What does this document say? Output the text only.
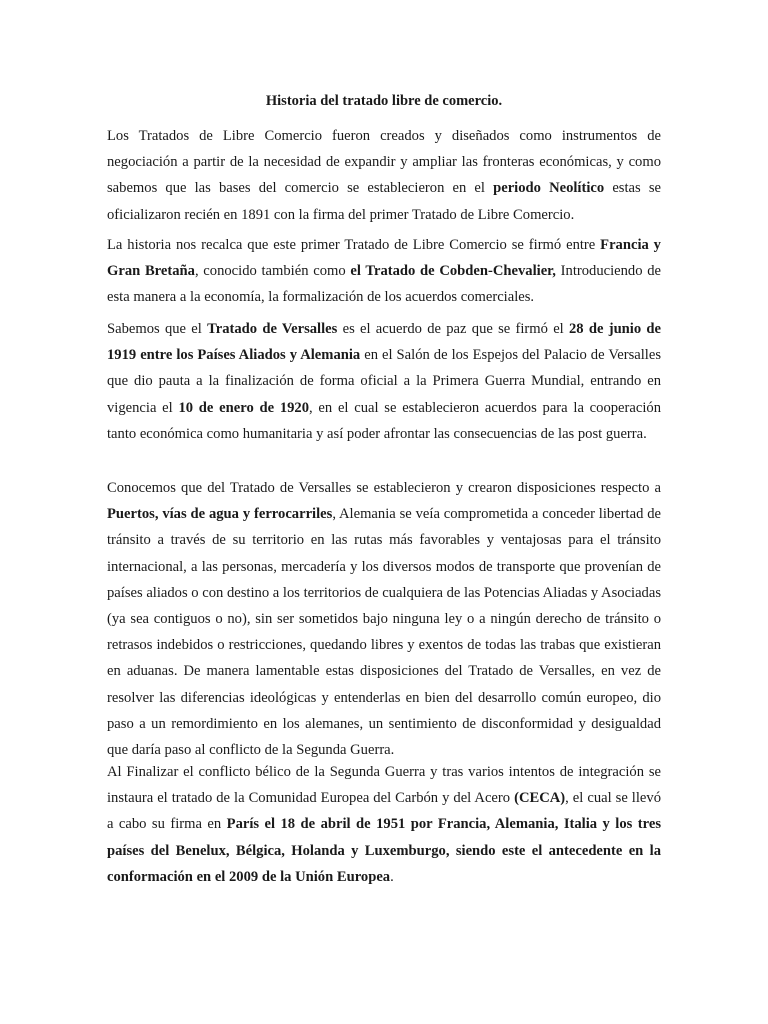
Historia del tratado libre de comercio.

Los Tratados de Libre Comercio fueron creados y diseñados como instrumentos de negociación a partir de la necesidad de expandir y ampliar las fronteras económicas, y como sabemos que las bases del comercio se establecieron en el periodo Neolítico estas se oficializaron recién en 1891 con la firma del primer Tratado de Libre Comercio.

La historia nos recalca que este primer Tratado de Libre Comercio se firmó entre Francia y Gran Bretaña, conocido también como el Tratado de Cobden-Chevalier, Introduciendo de esta manera a la economía, la formalización de los acuerdos comerciales.

Sabemos que el Tratado de Versalles es el acuerdo de paz que se firmó el 28 de junio de 1919 entre los Países Aliados y Alemania en el Salón de los Espejos del Palacio de Versalles que dio pauta a la finalización de forma oficial a la Primera Guerra Mundial, entrando en vigencia el 10 de enero de 1920, en el cual se establecieron acuerdos para la cooperación tanto económica como humanitaria y así poder afrontar las consecuencias de las post guerra.

Conocemos que del Tratado de Versalles se establecieron y crearon disposiciones respecto a Puertos, vías de agua y ferrocarriles, Alemania se veía comprometida a conceder libertad de tránsito a través de su territorio en las rutas más favorables y ventajosas para el tránsito internacional, a las personas, mercadería y los diversos modos de transporte que provenían de países aliados o con destino a los territorios de cualquiera de las Potencias Aliadas y Asociadas (ya sea contiguos o no), sin ser sometidos bajo ninguna ley o a ningún derecho de tránsito o retrasos indebidos o restricciones, quedando libres y exentos de todas las trabas que existieran en aduanas. De manera lamentable estas disposiciones del Tratado de Versalles, en vez de resolver las diferencias ideológicas y entenderlas en bien del desarrollo común europeo, dio paso a un remordimiento en los alemanes, un sentimiento de disconformidad y desigualdad que daría paso al conflicto de la Segunda Guerra.

Al Finalizar el conflicto bélico de la Segunda Guerra y tras varios intentos de integración se instaura el tratado de la Comunidad Europea del Carbón y del Acero (CECA), el cual se llevó a cabo su firma en París el 18 de abril de 1951 por Francia, Alemania, Italia y los tres países del Benelux, Bélgica, Holanda y Luxemburgo, siendo este el antecedente en la conformación en el 2009 de la Unión Europea.
